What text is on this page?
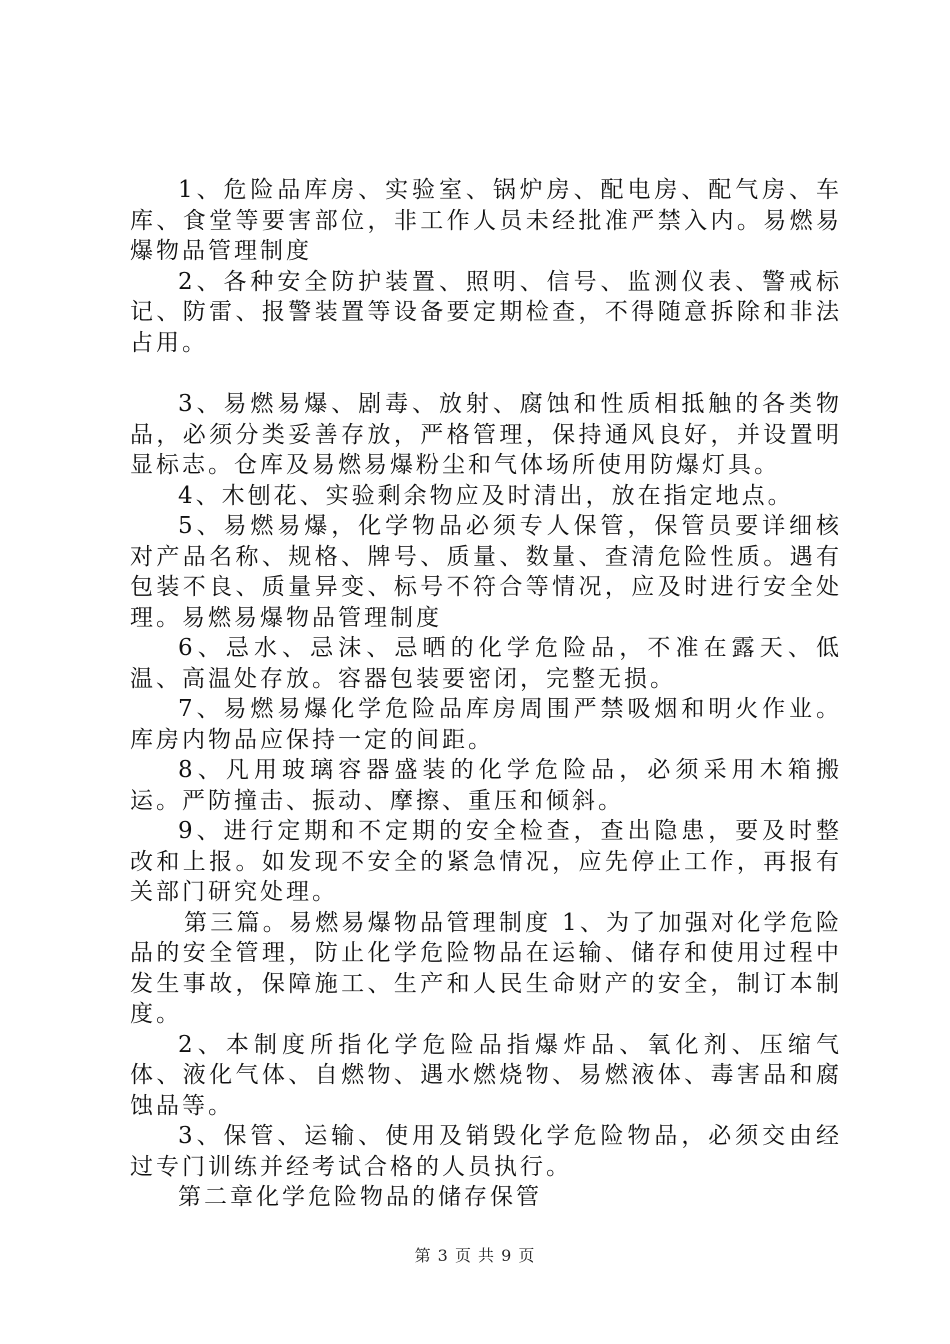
1、危险品库房、实验室、锅炉房、配电房、配气房、车库、食堂等要害部位，非工作人员未经批准严禁入内。易燃易爆物品管理制度

2、各种安全防护装置、照明、信号、监测仪表、警戒标记、防雷、报警装置等设备要定期检查，不得随意拆除和非法占用。

3、易燃易爆、剧毒、放射、腐蚀和性质相抵触的各类物品，必须分类妥善存放，严格管理，保持通风良好，并设置明显标志。仓库及易燃易爆粉尘和气体场所使用防爆灯具。

4、木刨花、实验剩余物应及时清出，放在指定地点。

5、易燃易爆，化学物品必须专人保管，保管员要详细核对产品名称、规格、牌号、质量、数量、查清危险性质。遇有包装不良、质量异变、标号不符合等情况，应及时进行安全处理。易燃易爆物品管理制度

6、忌水、忌沫、忌晒的化学危险品，不准在露天、低温、高温处存放。容器包装要密闭，完整无损。

7、易燃易爆化学危险品库房周围严禁吸烟和明火作业。库房内物品应保持一定的间距。

8、凡用玻璃容器盛装的化学危险品，必须采用木箱搬运。严防撞击、振动、摩擦、重压和倾斜。

9、进行定期和不定期的安全检查，查出隐患，要及时整改和上报。如发现不安全的紧急情况，应先停止工作，再报有关部门研究处理。

第三篇。易燃易爆物品管理制度 1、为了加强对化学危险品的安全管理，防止化学危险物品在运输、储存和使用过程中发生事故，保障施工、生产和人民生命财产的安全，制订本制度。

2、本制度所指化学危险品指爆炸品、氧化剂、压缩气体、液化气体、自燃物、遇水燃烧物、易燃液体、毒害品和腐蚀品等。

3、保管、运输、使用及销毁化学危险物品，必须交由经过专门训练并经考试合格的人员执行。

第二章化学危险物品的储存保管

第 3 页 共 9 页
